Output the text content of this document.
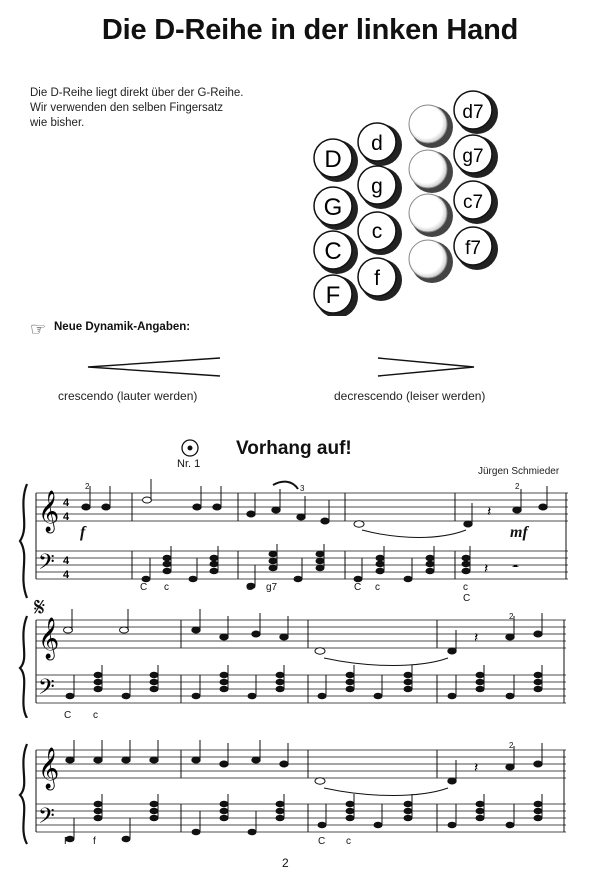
Die D-Reihe in der linken Hand
Die D-Reihe liegt direkt über der G-Reihe.
Wir verwenden den selben Fingersatz
wie bisher.
D
G
C
F
d
g
c
f
d7
g7
c7
f7
☞ Neue Dynamik-Angaben:
crescendo (lauter werden)	decrescendo (leiser werden)
Nr. 1
Vorhang auf!
Jürgen Schmieder
𝄞
𝄢
4
4
4
4
𝄽
𝄽 𝄼
2	3	2
f	mf
C c	G g7	C c	c
C
𝄋
𝄞
𝄢
𝄽
2
C c
𝄞
𝄢
𝄽
2
F f	C c
2
